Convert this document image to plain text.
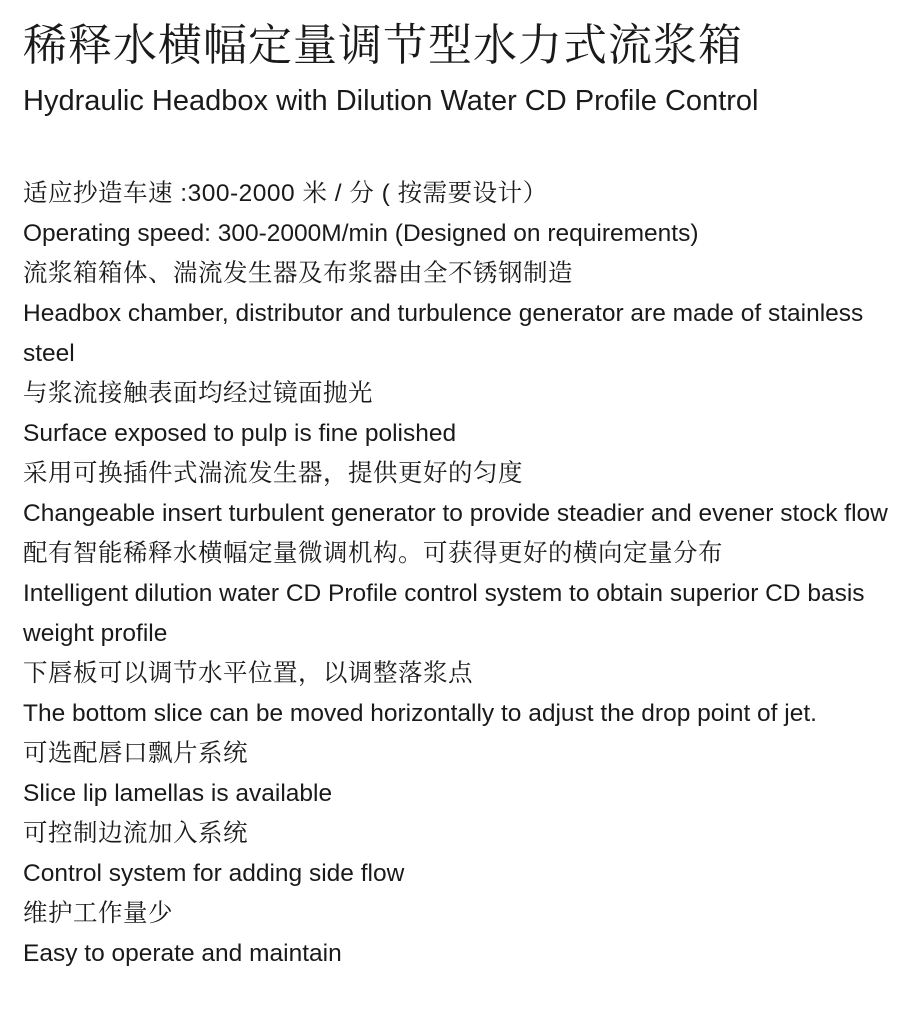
稀释水横幅定量调节型水力式流浆箱
Hydraulic Headbox with Dilution Water CD Profile Control

适应抄造车速 :300-2000 米 / 分 ( 按需要设计）

Operating speed: 300-2000M/min (Designed on requirements)

流浆箱箱体、湍流发生器及布浆器由全不锈钢制造

Headbox chamber, distributor and turbulence generator are made of stainless steel

与浆流接触表面均经过镜面抛光

Surface exposed to pulp is fine polished

采用可换插件式湍流发生器，提供更好的匀度

Changeable insert turbulent generator to provide steadier and evener stock flow

配有智能稀释水横幅定量微调机构。可获得更好的横向定量分布

Intelligent dilution water CD Profile control system to obtain superior CD basis weight profile

下唇板可以调节水平位置，以调整落浆点

The bottom slice can be moved horizontally to adjust the drop point of jet.

可选配唇口飘片系统

Slice lip lamellas is available

可控制边流加入系统

Control system for adding side flow

维护工作量少

Easy to operate and maintain
